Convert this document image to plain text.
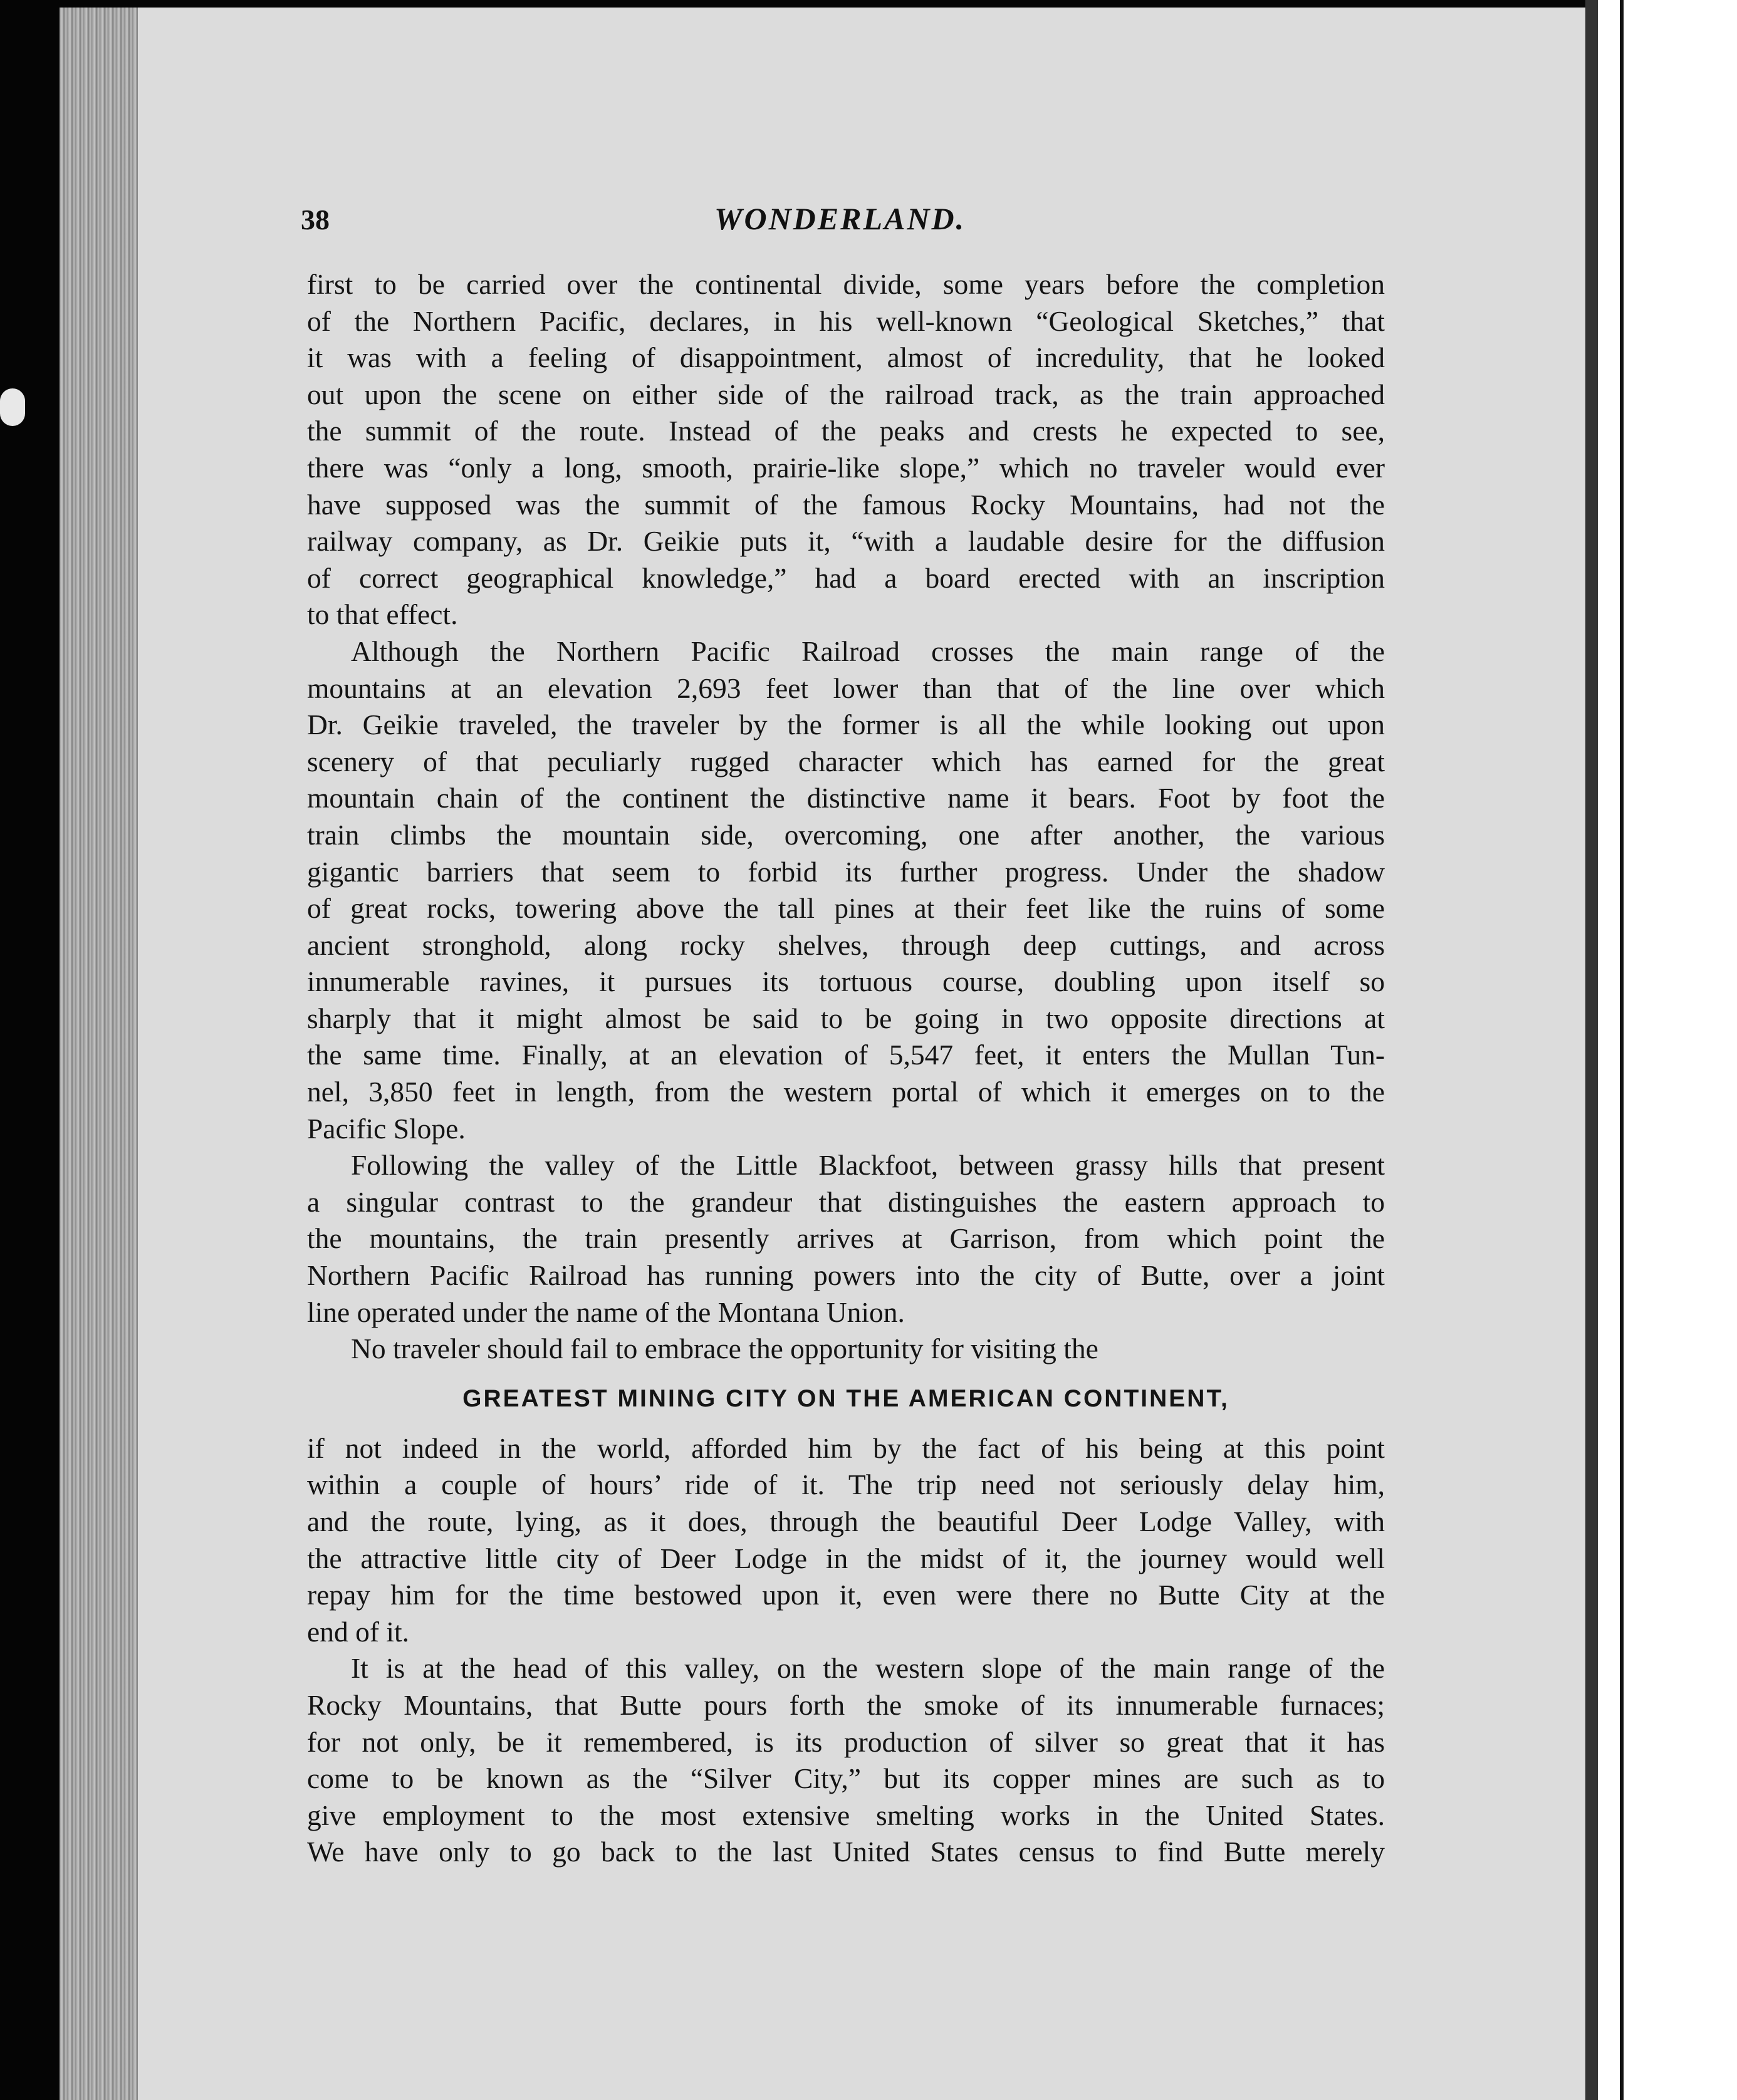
38	WONDERLAND.
first to be carried over the continental divide, some years before the completion
of the Northern Pacific, declares, in his well-known “Geological Sketches,” that
it was with a feeling of disappointment, almost of incredulity, that he looked
out upon the scene on either side of the railroad track, as the train approached
the summit of the route. Instead of the peaks and crests he expected to see,
there was “only a long, smooth, prairie-like slope,” which no traveler would ever
have supposed was the summit of the famous Rocky Mountains, had not the
railway company, as Dr. Geikie puts it, “with a laudable desire for the diffusion
of correct geographical knowledge,” had a board erected with an inscription
to that effect.
Although the Northern Pacific Railroad crosses the main range of the
mountains at an elevation 2,693 feet lower than that of the line over which
Dr. Geikie traveled, the traveler by the former is all the while looking out upon
scenery of that peculiarly rugged character which has earned for the great
mountain chain of the continent the distinctive name it bears. Foot by foot the
train climbs the mountain side, overcoming, one after another, the various
gigantic barriers that seem to forbid its further progress. Under the shadow
of great rocks, towering above the tall pines at their feet like the ruins of some
ancient stronghold, along rocky shelves, through deep cuttings, and across
innumerable ravines, it pursues its tortuous course, doubling upon itself so
sharply that it might almost be said to be going in two opposite directions at
the same time. Finally, at an elevation of 5,547 feet, it enters the Mullan Tun-
nel, 3,850 feet in length, from the western portal of which it emerges on to the
Pacific Slope.
Following the valley of the Little Blackfoot, between grassy hills that present
a singular contrast to the grandeur that distinguishes the eastern approach to
the mountains, the train presently arrives at Garrison, from which point the
Northern Pacific Railroad has running powers into the city of Butte, over a joint
line operated under the name of the Montana Union.
No traveler should fail to embrace the opportunity for visiting the
GREATEST MINING CITY ON THE AMERICAN CONTINENT,
if not indeed in the world, afforded him by the fact of his being at this point
within a couple of hours’ ride of it. The trip need not seriously delay him,
and the route, lying, as it does, through the beautiful Deer Lodge Valley, with
the attractive little city of Deer Lodge in the midst of it, the journey would well
repay him for the time bestowed upon it, even were there no Butte City at the
end of it.
It is at the head of this valley, on the western slope of the main range of the
Rocky Mountains, that Butte pours forth the smoke of its innumerable furnaces;
for not only, be it remembered, is its production of silver so great that it has
come to be known as the “Silver City,” but its copper mines are such as to
give employment to the most extensive smelting works in the United States.
We have only to go back to the last United States census to find Butte merely
